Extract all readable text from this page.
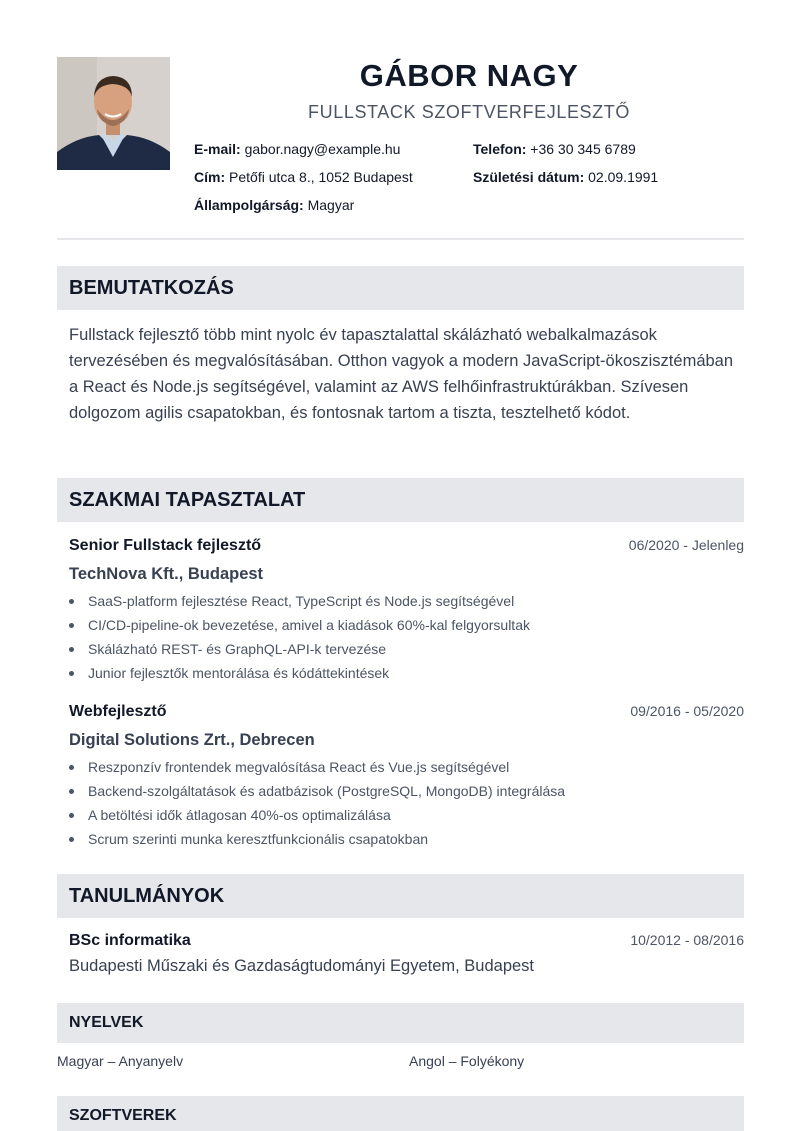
GÁBOR NAGY
FULLSTACK SZOFTVERFEJLESZTŐ
E-mail: gabor.nagy@example.hu	Telefon: +36 30 345 6789
Cím: Petőfi utca 8., 1052 Budapest	Születési dátum: 02.09.1991
Állampolgárság: Magyar
BEMUTATKOZÁS
Fullstack fejlesztő több mint nyolc év tapasztalattal skálázható webalkalmazások tervezésében és megvalósításában. Otthon vagyok a modern JavaScript-ökoszisztémában a React és Node.js segítségével, valamint az AWS felhőinfrastruktúrákban. Szívesen dolgozom agilis csapatokban, és fontosnak tartom a tiszta, tesztelhető kódot.
SZAKMAI TAPASZTALAT
Senior Fullstack fejlesztő	06/2020 - Jelenleg
TechNova Kft., Budapest
SaaS-platform fejlesztése React, TypeScript és Node.js segítségével
CI/CD-pipeline-ok bevezetése, amivel a kiadások 60%-kal felgyorsultak
Skálázható REST- és GraphQL-API-k tervezése
Junior fejlesztők mentorálása és kódáttekintések
Webfejlesztő	09/2016 - 05/2020
Digital Solutions Zrt., Debrecen
Reszponzív frontendek megvalósítása React és Vue.js segítségével
Backend-szolgáltatások és adatbázisok (PostgreSQL, MongoDB) integrálása
A betöltési idők átlagosan 40%-os optimalizálása
Scrum szerinti munka keresztfunkcionális csapatokban
TANULMÁNYOK
BSc informatika	10/2012 - 08/2016
Budapesti Műszaki és Gazdaságtudományi Egyetem, Budapest
NYELVEK
Magyar – Anyanyelv	Angol – Folyékony
SZOFTVEREK
